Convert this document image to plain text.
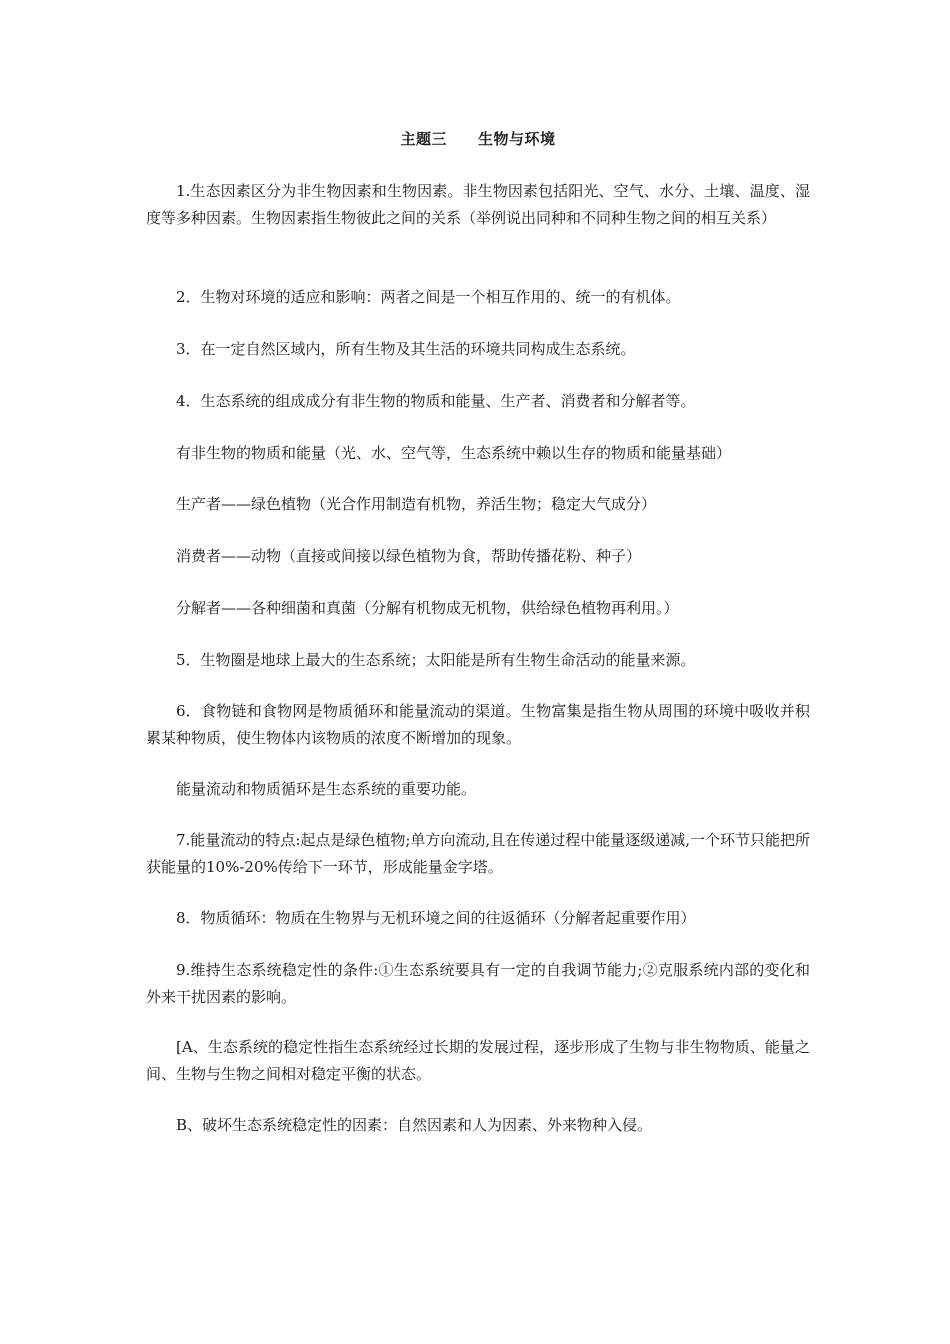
主题三　　生物与环境

1.生态因素区分为非生物因素和生物因素。非生物因素包括阳光、空气、水分、土壤、温度、湿度等多种因素。生物因素指生物彼此之间的关系（举例说出同种和不同种生物之间的相互关系）

2．生物对环境的适应和影响：两者之间是一个相互作用的、统一的有机体。

3．在一定自然区域内，所有生物及其生活的环境共同构成生态系统。

4．生态系统的组成成分有非生物的物质和能量、生产者、消费者和分解者等。

有非生物的物质和能量（光、水、空气等，生态系统中赖以生存的物质和能量基础）

生产者——绿色植物（光合作用制造有机物，养活生物；稳定大气成分）

消费者——动物（直接或间接以绿色植物为食，帮助传播花粉、种子）

分解者——各种细菌和真菌（分解有机物成无机物，供给绿色植物再利用。）

5．生物圈是地球上最大的生态系统；太阳能是所有生物生命活动的能量来源。

6．食物链和食物网是物质循环和能量流动的渠道。生物富集是指生物从周围的环境中吸收并积累某种物质，使生物体内该物质的浓度不断增加的现象。

能量流动和物质循环是生态系统的重要功能。

7.能量流动的特点:起点是绿色植物;单方向流动,且在传递过程中能量逐级递减,一个环节只能把所获能量的10%-20%传给下一环节，形成能量金字塔。

8．物质循环：物质在生物界与无机环境之间的往返循环（分解者起重要作用）

9.维持生态系统稳定性的条件:①生态系统要具有一定的自我调节能力;②克服系统内部的变化和外来干扰因素的影响。

[A、生态系统的稳定性指生态系统经过长期的发展过程，逐步形成了生物与非生物物质、能量之间、生物与生物之间相对稳定平衡的状态。

B、破坏生态系统稳定性的因素：自然因素和人为因素、外来物种入侵。
